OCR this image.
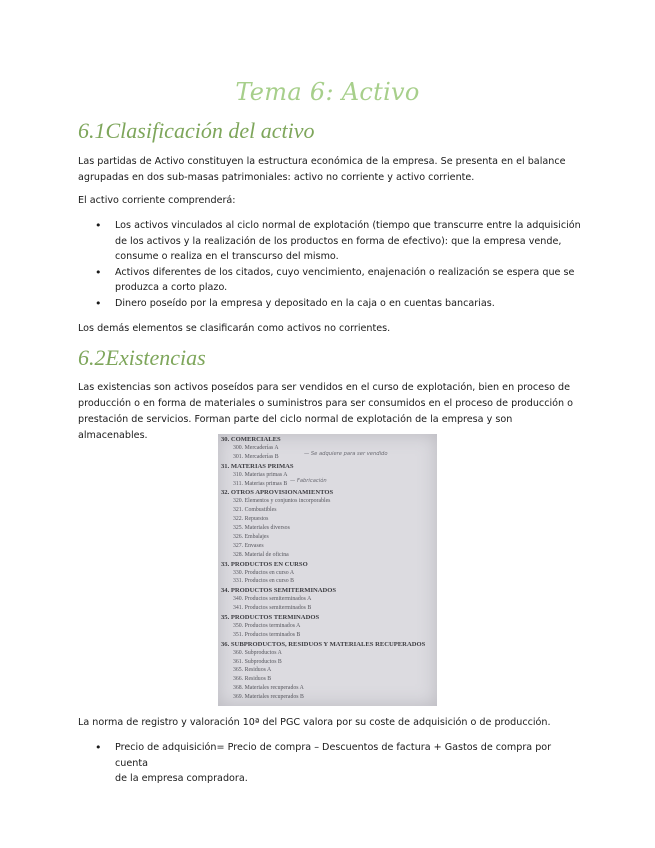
Tema 6: Activo
6.1Clasificación del activo

Las partidas de Activo constituyen la estructura económica de la empresa. Se presenta en el balance
agrupadas en dos sub-masas patrimoniales: activo no corriente y activo corriente.

El activo corriente comprenderá:

• Los activos vinculados al ciclo normal de explotación (tiempo que transcurre entre la adquisición
de los activos y la realización de los productos en forma de efectivo): que la empresa vende,
consume o realiza en el transcurso del mismo.
• Activos diferentes de los citados, cuyo vencimiento, enajenación o realización se espera que se
produzca a corto plazo.
• Dinero poseído por la empresa y depositado en la caja o en cuentas bancarias.

Los demás elementos se clasificarán como activos no corrientes.

6.2Existencias

Las existencias son activos poseídos para ser vendidos en el curso de explotación, bien en proceso de
producción o en forma de materiales o suministros para ser consumidos en el proceso de producción o
prestación de servicios. Forman parte del ciclo normal de explotación de la empresa y son almacenables.

— Se adquiere para ser vendido
— Fabricación
30. COMERCIALES
300. Mercaderías A
301. Mercaderías B
31. MATERIAS PRIMAS
310. Materias primas A
311. Materias primas B
32. OTROS APROVISIONAMIENTOS
320. Elementos y conjuntos incorporables
321. Combustibles
322. Repuestos
325. Materiales diversos
326. Embalajes
327. Envases
328. Material de oficina
33. PRODUCTOS EN CURSO
330. Productos en curso A
331. Productos en curso B
34. PRODUCTOS SEMITERMINADOS
340. Productos semiterminados A
341. Productos semiterminados B
35. PRODUCTOS TERMINADOS
350. Productos terminados A
351. Productos terminados B
36. SUBPRODUCTOS, RESIDUOS Y MATERIALES RECUPERADOS
360. Subproductos A
361. Subproductos B
365. Residuos A
366. Residuos B
368. Materiales recuperados A
369. Materiales recuperados B

La norma de registro y valoración 10ª del PGC valora por su coste de adquisición o de producción.

• Precio de adquisición= Precio de compra – Descuentos de factura + Gastos de compra por cuenta
de la empresa compradora.
